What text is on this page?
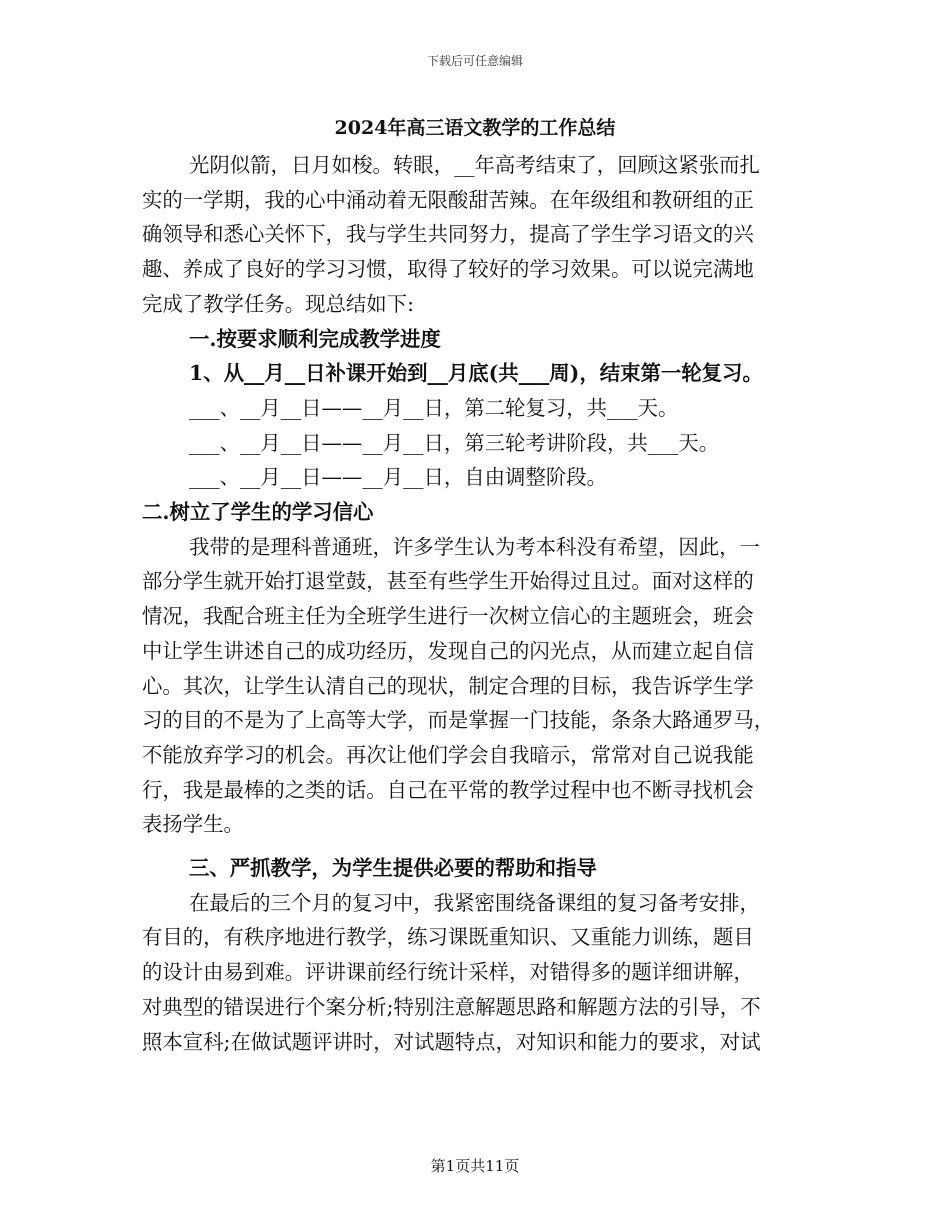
下载后可任意编辑
2024年高三语文教学的工作总结

光阴似箭，日月如梭。转眼，__年高考结束了，回顾这紧张而扎

实的一学期，我的心中涌动着无限酸甜苦辣。在年级组和教研组的正

确领导和悉心关怀下，我与学生共同努力，提高了学生学习语文的兴

趣、养成了良好的学习习惯，取得了较好的学习效果。可以说完满地

完成了教学任务。现总结如下:

一.按要求顺利完成教学进度

1、从__月__日补课开始到__月底(共___周)，结束第一轮复习。

___、__月__日——__月__日，第二轮复习，共___天。

___、__月__日——__月__日，第三轮考讲阶段，共___天。

___、__月__日——__月__日，自由调整阶段。

二.树立了学生的学习信心

我带的是理科普通班，许多学生认为考本科没有希望，因此，一

部分学生就开始打退堂鼓，甚至有些学生开始得过且过。面对这样的

情况，我配合班主任为全班学生进行一次树立信心的主题班会，班会

中让学生讲述自己的成功经历，发现自己的闪光点，从而建立起自信

心。其次，让学生认清自己的现状，制定合理的目标，我告诉学生学

习的目的不是为了上高等大学，而是掌握一门技能，条条大路通罗马，

不能放弃学习的机会。再次让他们学会自我暗示，常常对自己说我能

行，我是最棒的之类的话。自己在平常的教学过程中也不断寻找机会

表扬学生。

三、严抓教学，为学生提供必要的帮助和指导

在最后的三个月的复习中，我紧密围绕备课组的复习备考安排，

有目的，有秩序地进行教学，练习课既重知识、又重能力训练，题目

的设计由易到难。评讲课前经行统计采样，对错得多的题详细讲解，

对典型的错误进行个案分析;特别注意解题思路和解题方法的引导，不

照本宣科;在做试题评讲时，对试题特点，对知识和能力的要求，对试

第1页共11页
